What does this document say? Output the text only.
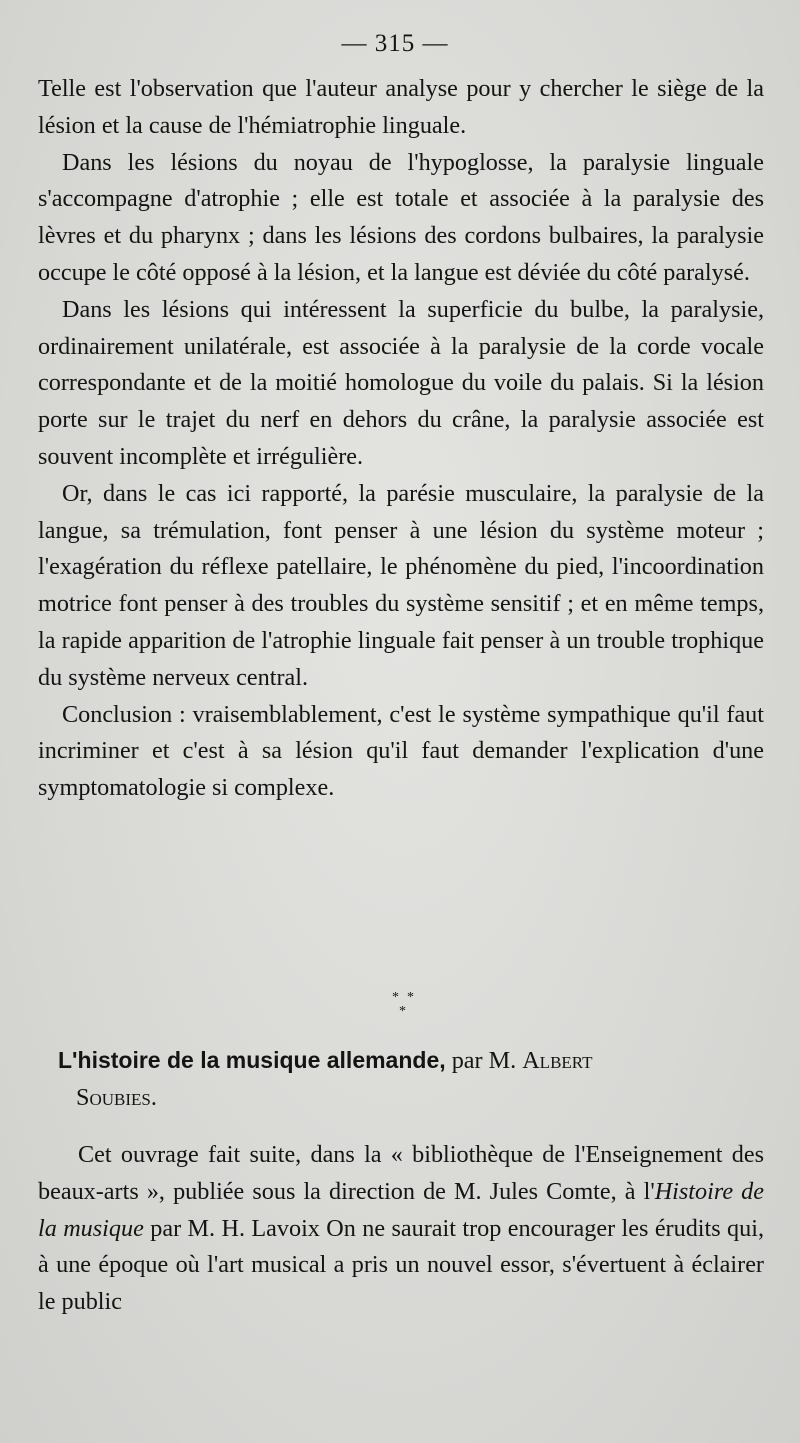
— 315 —

Telle est l'observation que l'auteur analyse pour y chercher le siège de la lésion et la cause de l'hémiatrophie linguale.

Dans les lésions du noyau de l'hypoglosse, la paralysie linguale s'accompagne d'atrophie ; elle est totale et associée à la paralysie des lèvres et du pharynx ; dans les lésions des cordons bulbaires, la paralysie occupe le côté opposé à la lésion, et la langue est déviée du côté paralysé.

Dans les lésions qui intéressent la superficie du bulbe, la paralysie, ordinairement unilatérale, est associée à la paralysie de la corde vocale correspondante et de la moitié homologue du voile du palais. Si la lésion porte sur le trajet du nerf en dehors du crâne, la paralysie associée est souvent incomplète et irrégulière.

Or, dans le cas ici rapporté, la parésie musculaire, la paralysie de la langue, sa trémulation, font penser à une lésion du système moteur ; l'exagération du réflexe patellaire, le phénomène du pied, l'incoordination motrice font penser à des troubles du système sensitif ; et en même temps, la rapide apparition de l'atrophie linguale fait penser à un trouble trophique du système nerveux central.

Conclusion : vraisemblablement, c'est le système sympathique qu'il faut incriminer et c'est à sa lésion qu'il faut demander l'explication d'une symptomatologie si complexe.

* *
*
L'histoire de la musique allemande, par M. Albert
Soubies.

Cet ouvrage fait suite, dans la « bibliothèque de l'Enseignement des beaux-arts », publiée sous la direction de M. Jules Comte, à l'Histoire de la musique par M. H. Lavoix On ne saurait trop encourager les érudits qui, à une époque où l'art musical a pris un nouvel essor, s'évertuent à éclairer le public
